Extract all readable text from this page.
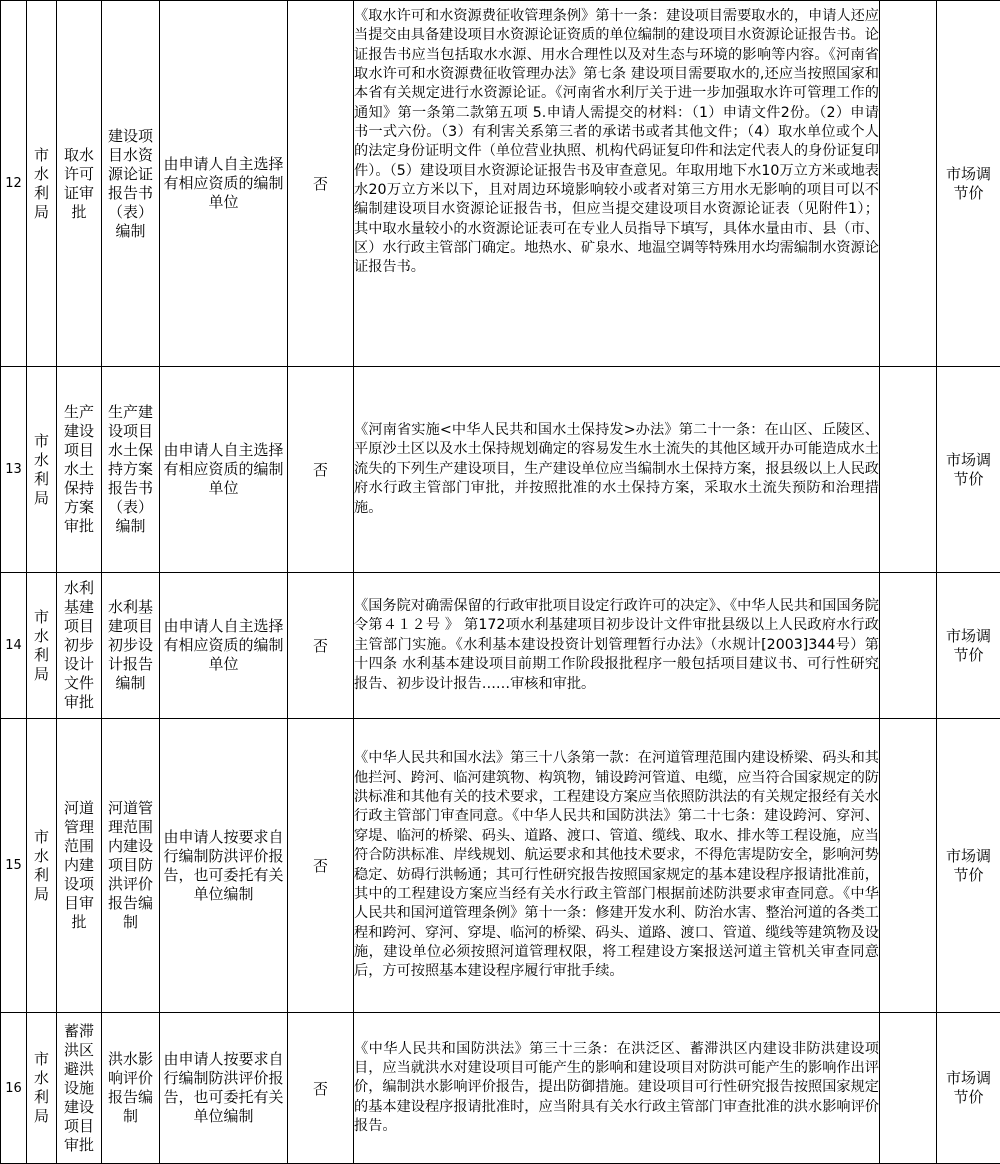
12	市水利局	取水许可证审批	建设项目水资源论证报告书（表）编制	由申请人自主选择有相应资质的编制单位	否	《取水许可和水资源费征收管理条例》第十一条：建设项目需要取水的，申请人还应当提交由具备建设项目水资源论证资质的单位编制的建设项目水资源论证报告书。论证报告书应当包括取水水源、用水合理性以及对生态与环境的影响等内容。《河南省取水许可和水资源费征收管理办法》第七条 建设项目需要取水的,还应当按照国家和本省有关规定进行水资源论证。《河南省水利厅关于进一步加强取水许可管理工作的通知》第一条第二款第五项 5.申请人需提交的材料：（1）申请文件2份。（2）申请书一式六份。（3）有利害关系第三者的承诺书或者其他文件；（4）取水单位或个人的法定身份证明文件（单位营业执照、机构代码证复印件和法定代表人的身份证复印件）。（5）建设项目水资源论证报告书及审查意见。年取用地下水10万立方米或地表水20万立方米以下，且对周边环境影响较小或者对第三方用水无影响的项目可以不编制建设项目水资源论证报告书，但应当提交建设项目水资源论证表（见附件1）；其中取水量较小的水资源论证表可在专业人员指导下填写，具体水量由市、县（市、区）水行政主管部门确定。地热水、矿泉水、地温空调等特殊用水均需编制水资源论证报告书。		市场调节价

13	市水利局	生产建设项目水土保持方案审批	生产建设项目水土保持方案报告书（表）编制	由申请人自主选择有相应资质的编制单位	否	《河南省实施<中华人民共和国水土保持发>办法》第二十一条：在山区、丘陵区、平原沙土区以及水土保持规划确定的容易发生水土流失的其他区域开办可能造成水土流失的下列生产建设项目，生产建设单位应当编制水土保持方案，报县级以上人民政府水行政主管部门审批，并按照批准的水土保持方案，采取水土流失预防和治理措施。		市场调节价

14	市水利局	水利基建项目初步设计文件审批	水利基建项目初步设计报告编制	由申请人自主选择有相应资质的编制单位	否	《国务院对确需保留的行政审批项目设定行政许可的决定》、《中华人民共和国国务院令第４１２号 》 第172项水利基建项目初步设计文件审批县级以上人民政府水行政主管部门实施。《水利基本建设投资计划管理暂行办法》（水规计[2003]344号）第十四条 水利基本建设项目前期工作阶段报批程序一般包括项目建议书、可行性研究报告、初步设计报告……审核和审批。		市场调节价

15	市水利局	河道管理范围内建设项目审批	河道管理范围内建设项目防洪评价报告编制	由申请人按要求自行编制防洪评价报告，也可委托有关单位编制	否	《中华人民共和国水法》第三十八条第一款：在河道管理范围内建设桥梁、码头和其他拦河、跨河、临河建筑物、构筑物，铺设跨河管道、电缆，应当符合国家规定的防洪标准和其他有关的技术要求，工程建设方案应当依照防洪法的有关规定报经有关水行政主管部门审查同意。《中华人民共和国防洪法》第二十七条：建设跨河、穿河、穿堤、临河的桥梁、码头、道路、渡口、管道、缆线、取水、排水等工程设施，应当符合防洪标准、岸线规划、航运要求和其他技术要求，不得危害堤防安全，影响河势稳定、妨碍行洪畅通；其可行性研究报告按照国家规定的基本建设程序报请批准前，其中的工程建设方案应当经有关水行政主管部门根据前述防洪要求审查同意。《中华人民共和国河道管理条例》第十一条：修建开发水利、防治水害、整治河道的各类工程和跨河、穿河、穿堤、临河的桥梁、码头、道路、渡口、管道、缆线等建筑物及设施，建设单位必须按照河道管理权限，将工程建设方案报送河道主管机关审查同意后，方可按照基本建设程序履行审批手续。		市场调节价

16	市水利局	蓄滞洪区避洪设施建设项目审批	洪水影响评价报告编制	由申请人按要求自行编制防洪评价报告，也可委托有关单位编制	否	《中华人民共和国防洪法》第三十三条：在洪泛区、蓄滞洪区内建设非防洪建设项目，应当就洪水对建设项目可能产生的影响和建设项目对防洪可能产生的影响作出评价，编制洪水影响评价报告，提出防御措施。建设项目可行性研究报告按照国家规定的基本建设程序报请批准时，应当附具有关水行政主管部门审查批准的洪水影响评价报告。		市场调节价
